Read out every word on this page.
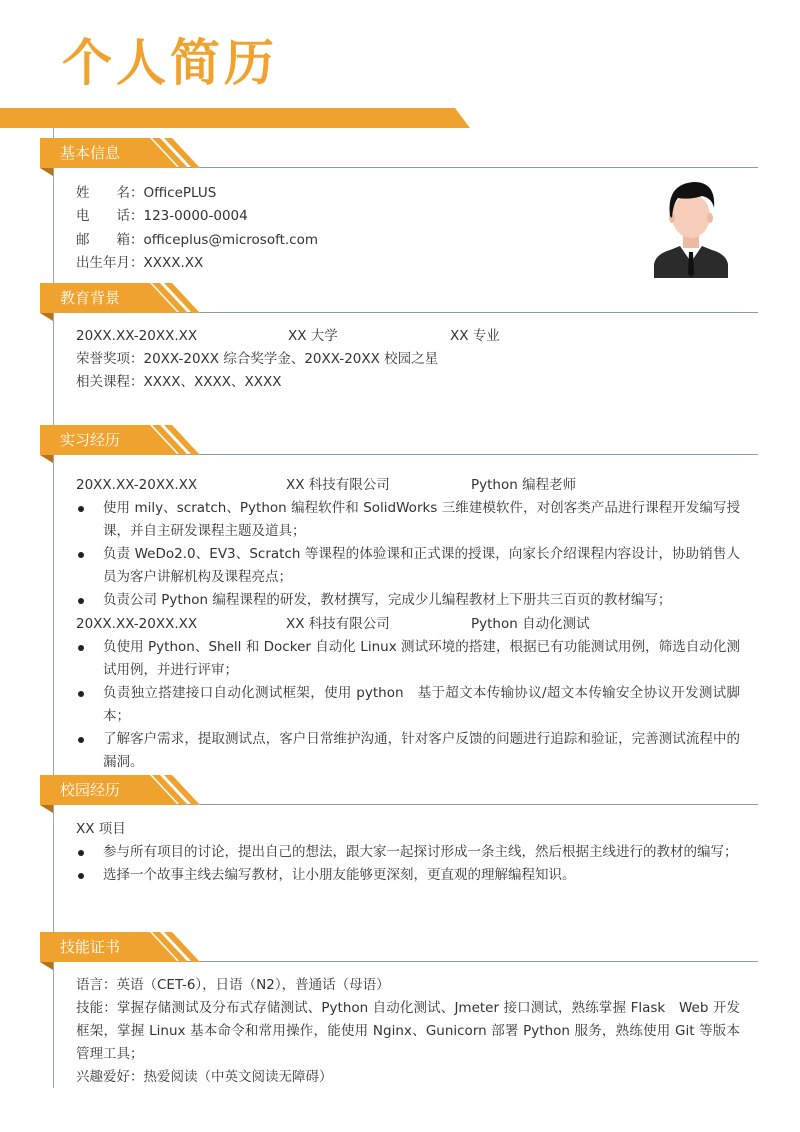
个人简历
基本信息
姓　　名：OfficePLUS
电　　话：123-0000-0004
邮　　箱：officeplus@microsoft.com
出生年月：XXXX.XX
教育背景
20XX.XX-20XX.XX	XX 大学	XX 专业
荣誉奖项：20XX-20XX 综合奖学金、20XX-20XX 校园之星
相关课程：XXXX、XXXX、XXXX
实习经历
20XX.XX-20XX.XX	XX 科技有限公司	Python 编程老师
使用 mily、scratch、Python 编程软件和 SolidWorks 三维建模软件，对创客类产品进行课程开发编写授课，并自主研发课程主题及道具；
负责 WeDo2.0、EV3、Scratch 等课程的体验课和正式课的授课，向家长介绍课程内容设计，协助销售人员为客户讲解机构及课程亮点；
负责公司 Python 编程课程的研发，教材撰写，完成少儿编程教材上下册共三百页的教材编写；
20XX.XX-20XX.XX	XX 科技有限公司	Python 自动化测试
负使用 Python、Shell 和 Docker 自动化 Linux 测试环境的搭建，根据已有功能测试用例，筛选自动化测试用例，并进行评审；
负责独立搭建接口自动化测试框架，使用 python　基于超文本传输协议/超文本传输安全协议开发测试脚本；
了解客户需求，提取测试点，客户日常维护沟通，针对客户反馈的问题进行追踪和验证，完善测试流程中的漏洞。
校园经历
XX 项目
参与所有项目的讨论，提出自己的想法，跟大家一起探讨形成一条主线，然后根据主线进行的教材的编写；
选择一个故事主线去编写教材，让小朋友能够更深刻，更直观的理解编程知识。
技能证书
语言：英语（CET-6），日语（N2），普通话（母语）
技能：掌握存储测试及分布式存储测试、Python 自动化测试、Jmeter 接口测试，熟练掌握 Flask　Web 开发框架，掌握 Linux 基本命令和常用操作，能使用 Nginx、Gunicorn 部署 Python 服务，熟练使用 Git 等版本管理工具；
兴趣爱好：热爱阅读（中英文阅读无障碍）
